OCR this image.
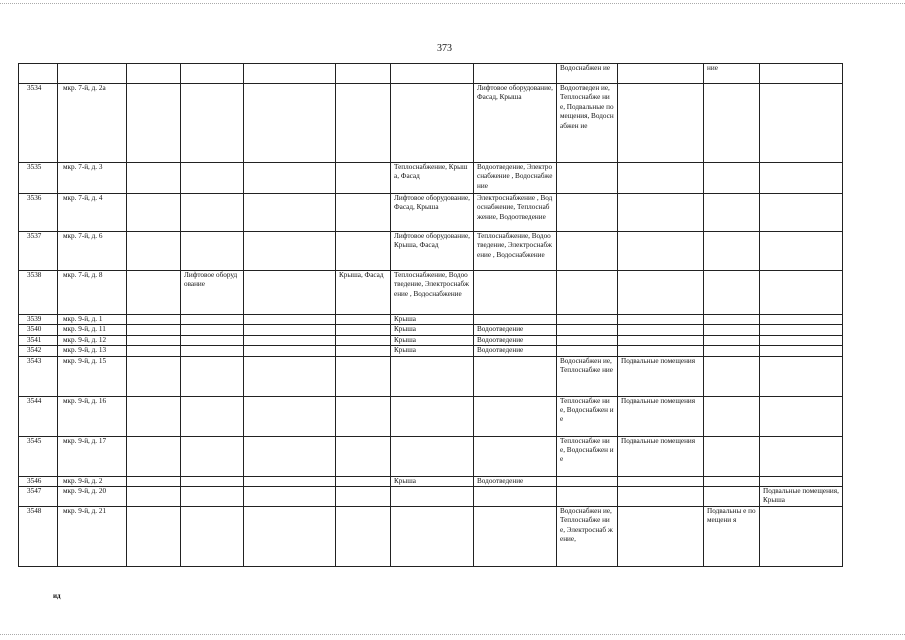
373
								Водоснабжен ие		ние	
3534	мкр. 7-й, д. 2а						Лифтовое оборудование, Фасад, Крыша	Водоотведен ие, Теплоснабже ние, Подвальные помещения, Водоснабжен ие			
3535	мкр. 7-й, д. 3					Теплоснабжение, Крыша, Фасад	Водоотведение, Электроснабжение , Водоснабжение				
3536	мкр. 7-й, д. 4					Лифтовое оборудование, Фасад, Крыша	Электроснабжение , Водоснабжение, Теплоснабжение, Водоотведение				
3537	мкр. 7-й, д. 6					Лифтовое оборудование, Крыша, Фасад	Теплоснабжение, Водоотведение, Электроснабжение , Водоснабжение				
3538	мкр. 7-й, д. 8		Лифтовое оборудование		Крыша, Фасад	Теплоснабжение, Водоотведение, Электроснабжение , Водоснабжение					
3539	мкр. 9-й, д. 1					Крыша					
3540	мкр. 9-й, д. 11					Крыша	Водоотведение				
3541	мкр. 9-й, д. 12					Крыша	Водоотведение				
3542	мкр. 9-й, д. 13					Крыша	Водоотведение				
3543	мкр. 9-й, д. 15							Водоснабжен ие, Теплоснабже ние	Подвальные помещения		
3544	мкр. 9-й, д. 16							Теплоснабже ние, Водоснабжен ие	Подвальные помещения		
3545	мкр. 9-й, д. 17							Теплоснабже ние, Водоснабжен ие	Подвальные помещения		
3546	мкр. 9-й, д. 2					Крыша	Водоотведение				
3547	мкр. 9-й, д. 20										Подвальные помещения, Крыша
3548	мкр. 9-й, д. 21							Водоснабжен ие, Теплоснабже ние, Электроснаб жение,		Подвальны е помещени я	
ид
